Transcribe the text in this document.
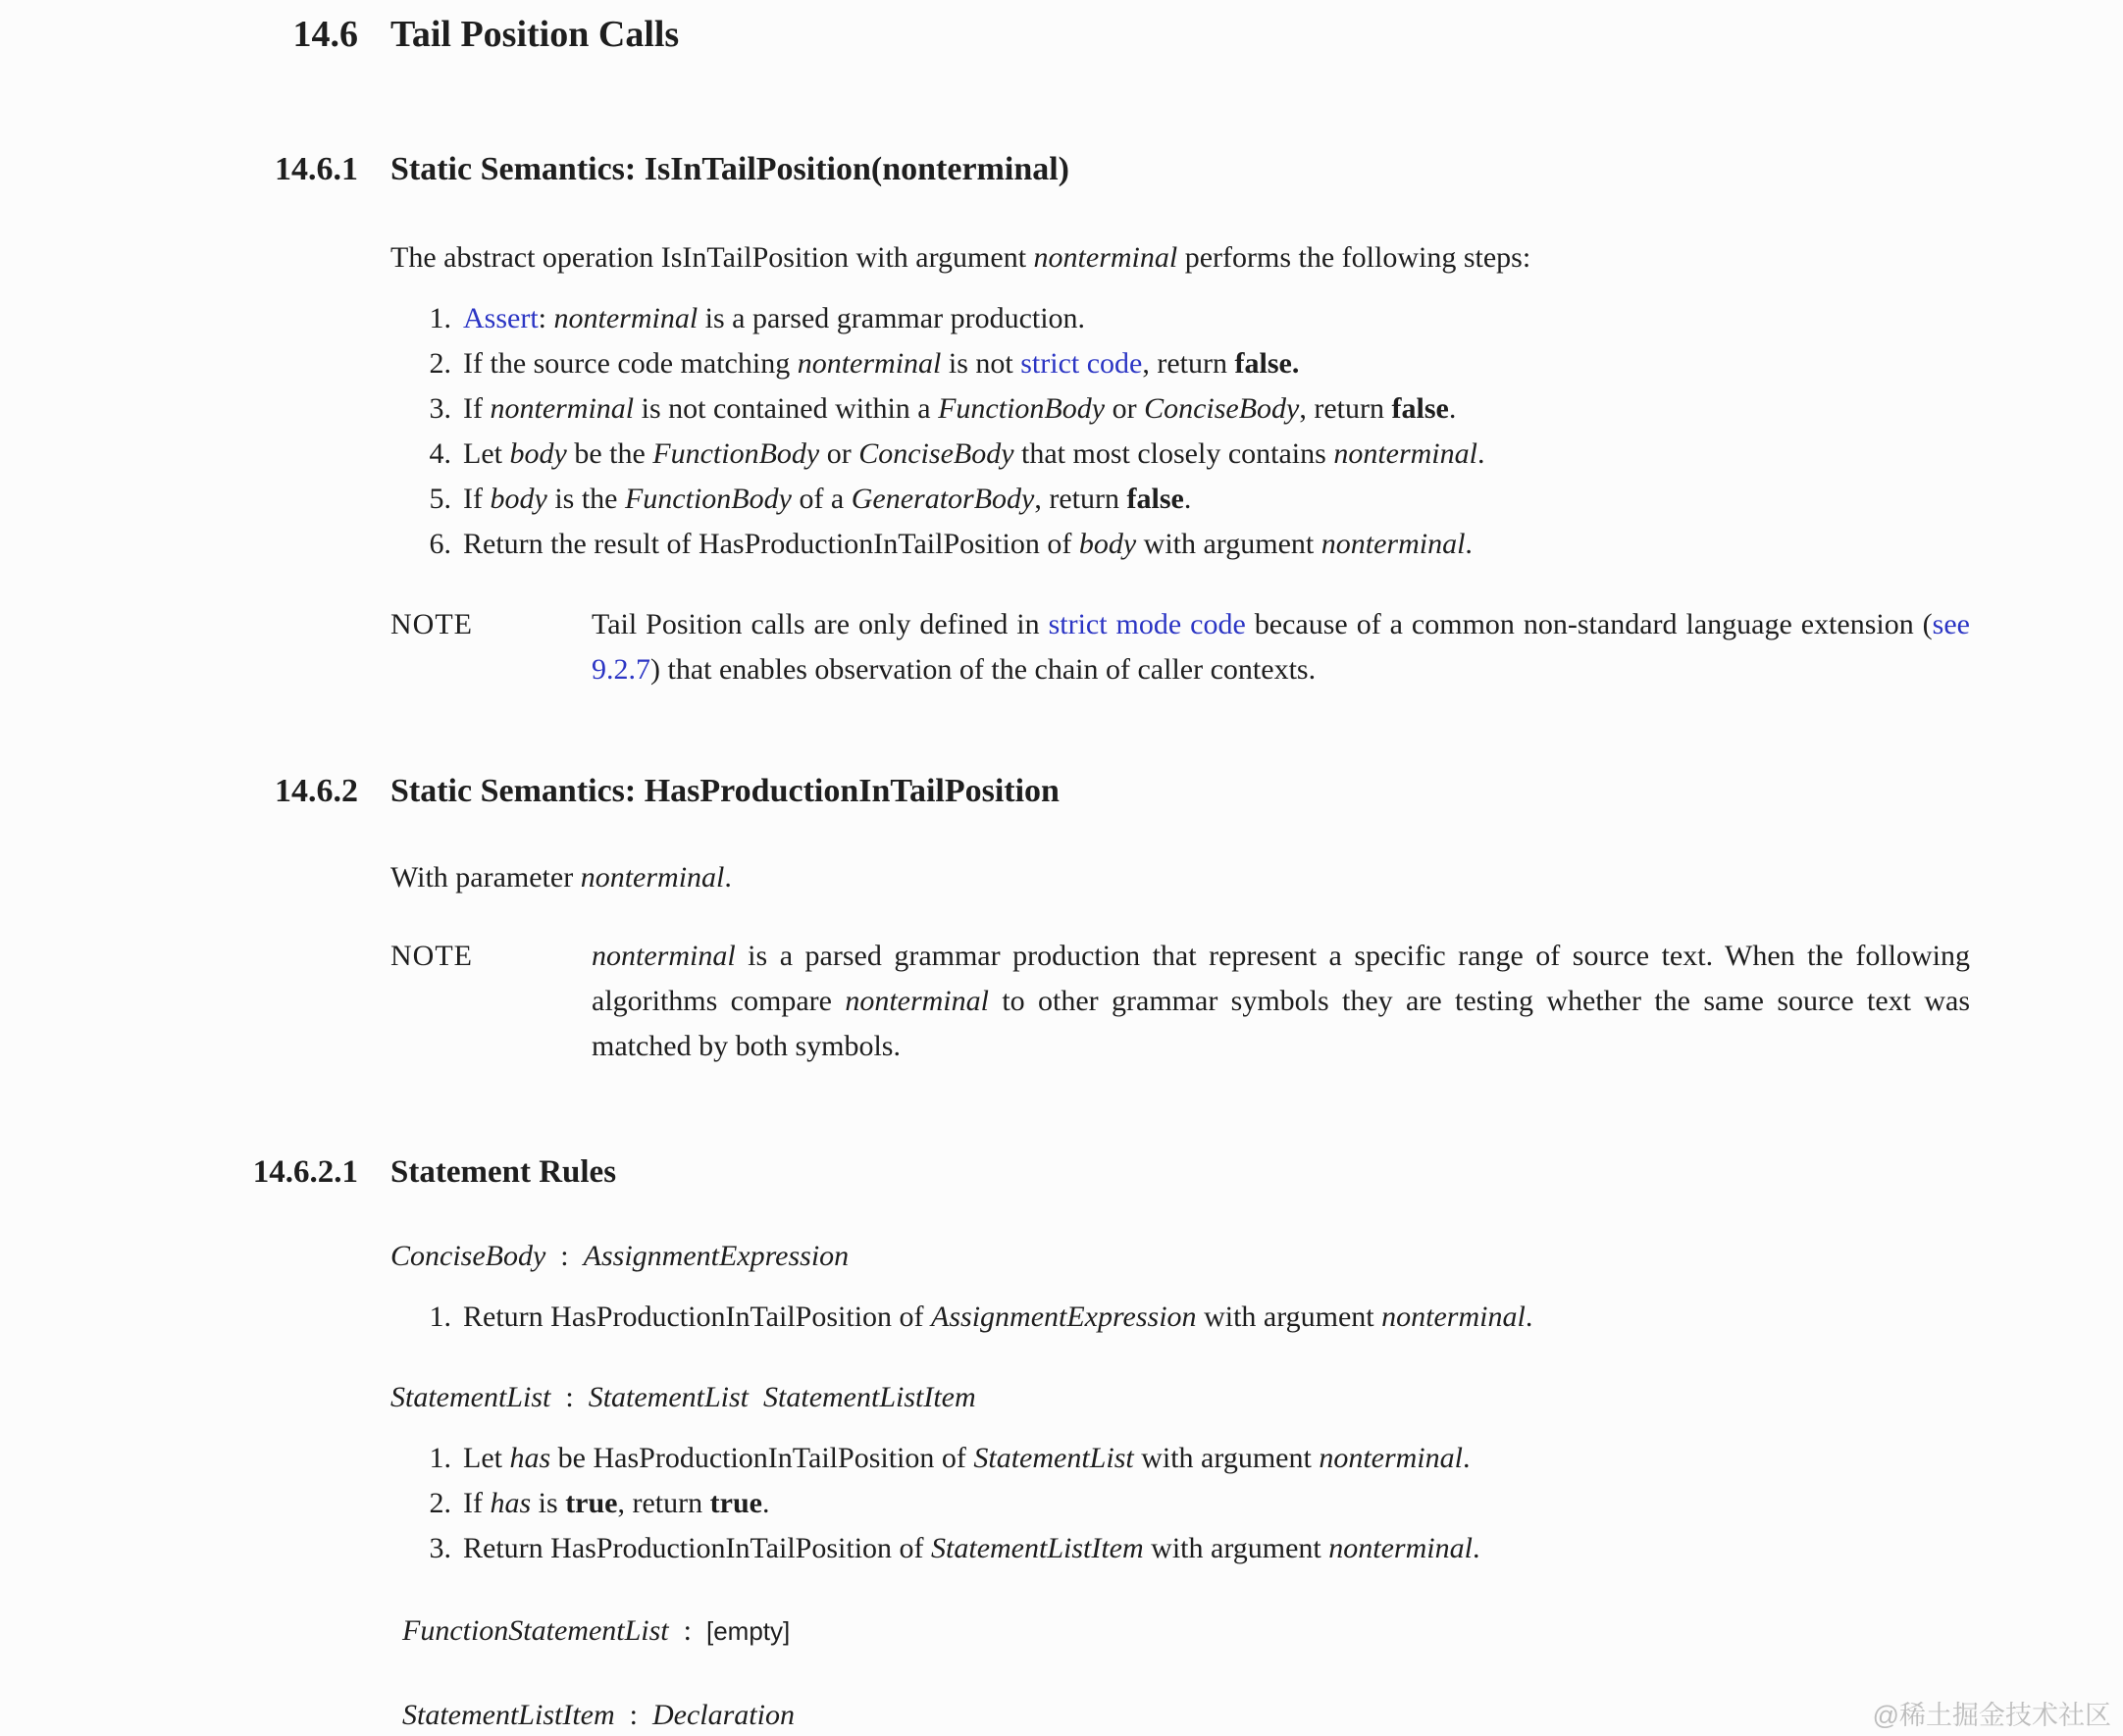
14.6 Tail Position Calls
14.6.1 Static Semantics: IsInTailPosition(nonterminal)

The abstract operation IsInTailPosition with argument nonterminal performs the following steps:

1. Assert: nonterminal is a parsed grammar production.
2. If the source code matching nonterminal is not strict code, return false.
3. If nonterminal is not contained within a FunctionBody or ConciseBody, return false.
4. Let body be the FunctionBody or ConciseBody that most closely contains nonterminal.
5. If body is the FunctionBody of a GeneratorBody, return false.
6. Return the result of HasProductionInTailPosition of body with argument nonterminal.
NOTE	Tail Position calls are only defined in strict mode code because of a common non-standard language extension (see 9.2.7) that enables observation of the chain of caller contexts.
14.6.2 Static Semantics: HasProductionInTailPosition

With parameter nonterminal.

NOTE	nonterminal is a parsed grammar production that represent a specific range of source text. When the following algorithms compare nonterminal to other grammar symbols they are testing whether the same source text was matched by both symbols.
14.6.2.1	Statement Rules
ConciseBody  :  AssignmentExpression
1. Return HasProductionInTailPosition of AssignmentExpression with argument nonterminal.
StatementList  :  StatementList StatementListItem
1. Let has be HasProductionInTailPosition of StatementList with argument nonterminal.
2. If has is true, return true.
3. Return HasProductionInTailPosition of StatementListItem with argument nonterminal.
FunctionStatementList  :  [empty]
StatementListItem  :  Declaration	@稀土掘金技术社区
